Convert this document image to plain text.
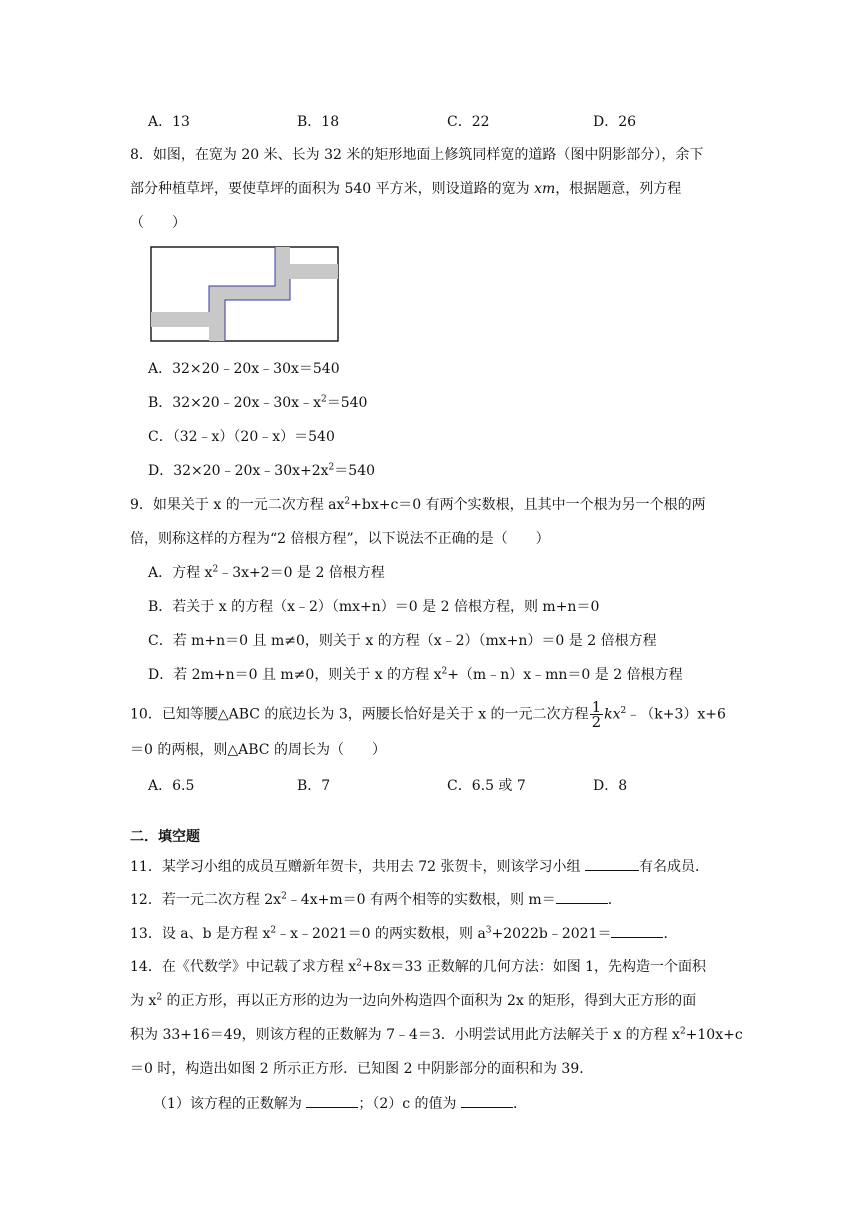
A．13	B．18	C．22	D．26
8．如图，在宽为 20 米、长为 32 米的矩形地面上修筑同样宽的道路（图中阴影部分），余下
部分种植草坪，要使草坪的面积为 540 平方米，则设道路的宽为 xm，根据题意，列方程
（　　）
A．32×20﹣20x﹣30x＝540
B．$32\times 20﹣20x﹣30x﹣x^2=540$
C．（32﹣x）（20﹣x）＝540
D．$32\times 20﹣20x﹣30x+2x^2=540$
9．如果关于 x 的一元二次方程 $ax^2+bx+c=0$ 有两个实数根，且其中一个根为另一个根的两
倍，则称这样的方程为“2 倍根方程”，以下说法不正确的是（　　）
A．方程 $x^2﹣3x+2=0$ 是 2 倍根方程
B．若关于 x 的方程（x﹣2）（mx+n）＝0 是 2 倍根方程，则 m+n＝0
C．若 m+n＝0 且 m≠0，则关于 x 的方程（x﹣2）（mx+n）＝0 是 2 倍根方程
D．若 2m+n＝0 且 m≠0，则关于 x 的方程 $x^2+(m﹣n)x﹣mn=0$ 是 2 倍根方程
10．已知等腰△ABC 的底边长为 3，两腰长恰好是关于 x 的一元二次方程 $\frac{1}{2}$ $kx^2﹣(k+3)x+6$
＝0 的两根，则△ABC 的周长为（　　）
A．6.5	B．7	C．6.5 或 7	D．8
二．填空题
11．某学习小组的成员互赠新年贺卡，共用去 72 张贺卡，则该学习小组	有名成员．
12．若一元二次方程 $2x^2﹣4x+m=0$ 有两个相等的实数根，则 m＝	．
13．设 a、b 是方程 $x^2﹣x﹣2021=0$ 的两实数根，则 $a^3+2022b﹣2021=$	．
14．在《代数学》中记载了求方程 $x^2+8x=33$ 正数解的几何方法：如图 1，先构造一个面积
为 $x^2$ 的正方形，再以正方形的边为一边向外构造四个面积为 2x 的矩形，得到大正方形的面
积为 33+16＝49，则该方程的正数解为 7﹣4＝3．小明尝试用此方法解关于 x 的方程 $x^2+10x+c$
＝0 时，构造出如图 2 所示正方形．已知图 2 中阴影部分的面积和为 39．
（1）该方程的正数解为	；（2）c 的值为	．
